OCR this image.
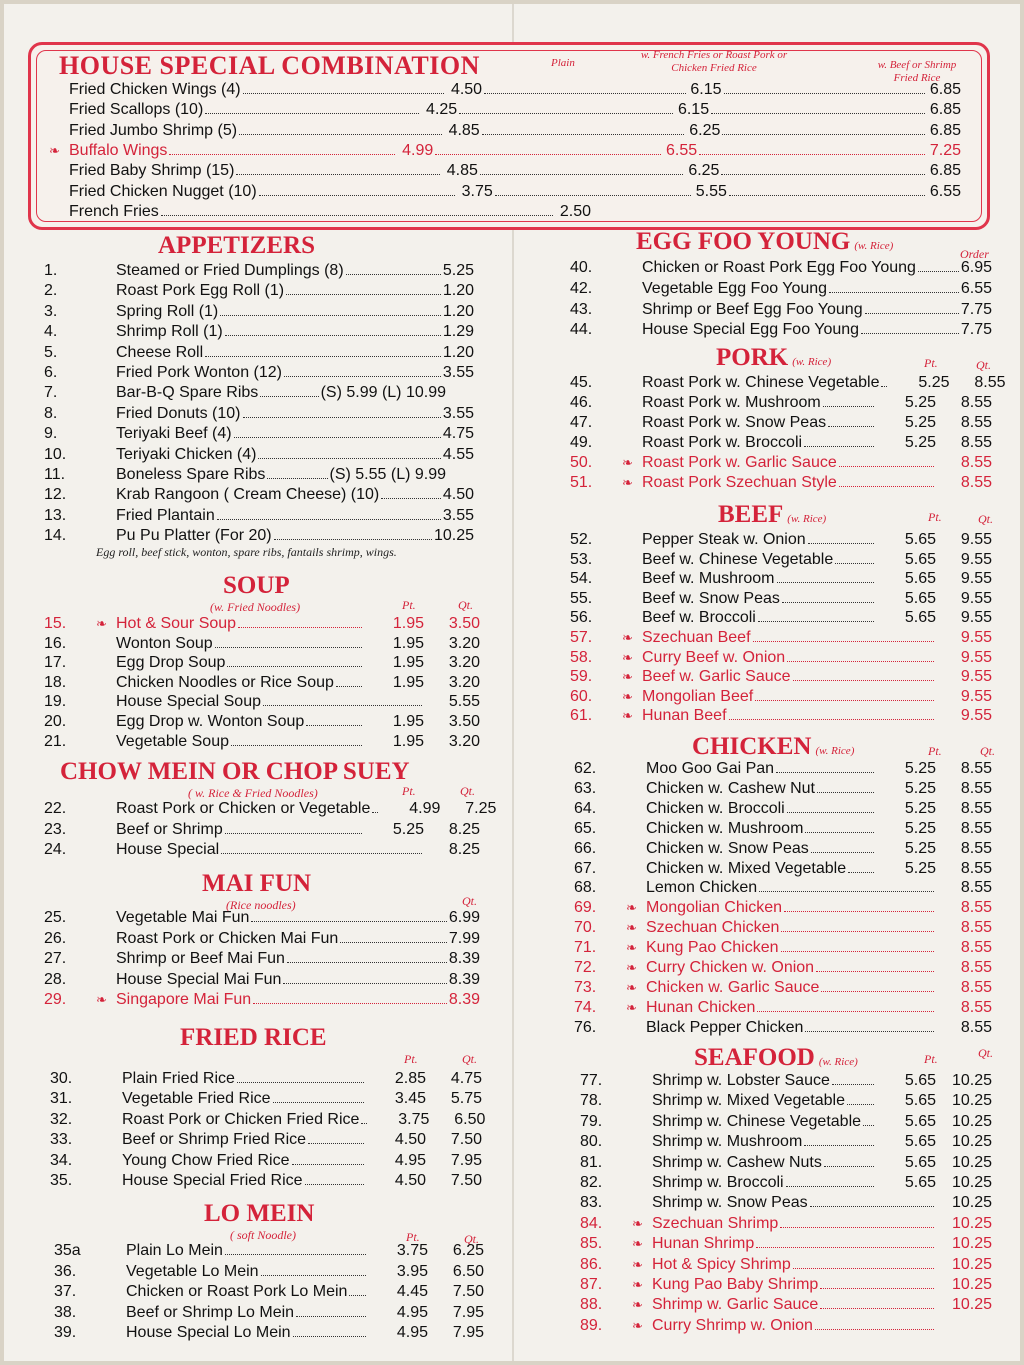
HOUSE SPECIAL COMBINATION	Plain
w. French Fries or Roast Pork or Chicken Fried Rice	w. Beef or Shrimp Fried Rice
Fried Chicken Wings (4)	4.50	6.15	6.85
Fried Scallops (10)	4.25	6.15	6.85
Fried Jumbo Shrimp (5)	4.85	6.25	6.85
❧ Buffalo Wings	4.99	6.55	7.25
Fried Baby Shrimp (15)	4.85	6.25	6.85
Fried Chicken Nugget (10)	3.75	5.55	6.55
French Fries	2.50
APPETIZERS
1.	Steamed or Fried Dumplings (8)	5.25
2.	Roast Pork Egg Roll (1)	1.20
3.	Spring Roll (1)	1.20
4.	Shrimp Roll (1)	1.29
5.	Cheese Roll	1.20
6.	Fried Pork Wonton (12)	3.55
7.	Bar-B-Q Spare Ribs	(S) 5.99 (L) 10.99
8.	Fried Donuts (10)	3.55
9.	Teriyaki Beef (4)	4.75
10.	Teriyaki Chicken (4)	4.55
11.	Boneless Spare Ribs	(S) 5.55 (L) 9.99
12.	Krab Rangoon ( Cream Cheese) (10)	4.50
13.	Fried Plantain	3.55
14.	Pu Pu Platter (For 20)	10.25
Egg roll, beef stick, wonton, spare ribs, fantails shrimp, wings.
SOUP
(w. Fried Noodles)	Pt.	Qt.
15.	❧ Hot & Sour Soup	1.95	3.50
16.	Wonton Soup	1.95	3.20
17.	Egg Drop Soup	1.95	3.20
18.	Chicken Noodles or Rice Soup	1.95	3.20
19.	House Special Soup	5.55
20.	Egg Drop w. Wonton Soup	1.95	3.50
21.	Vegetable Soup	1.95	3.20
CHOW MEIN OR CHOP SUEY
( w. Rice & Fried Noodles)	Pt.	Qt.
22.	Roast Pork or Chicken or Vegetable	4.99	7.25
23.	Beef or Shrimp	5.25	8.25
24.	House Special	8.25
MAI FUN
(Rice noodles)	Qt.
25.	Vegetable Mai Fun	6.99
26.	Roast Pork or Chicken Mai Fun	7.99
27.	Shrimp or Beef Mai Fun	8.39
28.	House Special Mai Fun	8.39
29.	❧ Singapore Mai Fun	8.39
FRIED RICE
Pt.	Qt.
30.	Plain Fried Rice	2.85	4.75
31.	Vegetable Fried Rice	3.45	5.75
32.	Roast Pork or Chicken Fried Rice	3.75	6.50
33.	Beef or Shrimp Fried Rice	4.50	7.50
34.	Young Chow Fried Rice	4.95	7.95
35.	House Special Fried Rice	4.50	7.50
LO MEIN
( soft Noodle)	Pt.	Qt.
35a	Plain Lo Mein	3.75	6.25
36.	Vegetable Lo Mein	3.95	6.50
37.	Chicken or Roast Pork Lo Mein	4.45	7.50
38.	Beef or Shrimp Lo Mein	4.95	7.95
39.	House Special Lo Mein	4.95	7.95
EGG FOO YOUNG (w. Rice)
Order
40.	Chicken or Roast Pork Egg Foo Young	6.95
42.	Vegetable Egg Foo Young	6.55
43.	Shrimp or Beef Egg Foo Young	7.75
44.	House Special Egg Foo Young	7.75
PORK (w. Rice)	Pt.	Qt.
45.	Roast Pork w. Chinese Vegetable	5.25	8.55
46.	Roast Pork w. Mushroom	5.25	8.55
47.	Roast Pork w. Snow Peas	5.25	8.55
49.	Roast Pork w. Broccoli	5.25	8.55
50.	❧ Roast Pork w. Garlic Sauce	8.55
51.	❧ Roast Pork Szechuan Style	8.55
BEEF (w. Rice)	Pt.	Qt.
52.	Pepper Steak w. Onion	5.65	9.55
53.	Beef w. Chinese Vegetable	5.65	9.55
54.	Beef w. Mushroom	5.65	9.55
55.	Beef w. Snow Peas	5.65	9.55
56.	Beef w. Broccoli	5.65	9.55
57.	❧ Szechuan Beef	9.55
58.	❧ Curry Beef w. Onion	9.55
59.	❧ Beef w. Garlic Sauce	9.55
60.	❧ Mongolian Beef	9.55
61.	❧ Hunan Beef	9.55
CHICKEN (w. Rice)	Pt.	Qt.
62.	Moo Goo Gai Pan	5.25	8.55
63.	Chicken w. Cashew Nut	5.25	8.55
64.	Chicken w. Broccoli	5.25	8.55
65.	Chicken w. Mushroom	5.25	8.55
66.	Chicken w. Snow Peas	5.25	8.55
67.	Chicken w. Mixed Vegetable	5.25	8.55
68.	Lemon Chicken	8.55
69.	❧ Mongolian Chicken	8.55
70.	❧ Szechuan Chicken	8.55
71.	❧ Kung Pao Chicken	8.55
72.	❧ Curry Chicken w. Onion	8.55
73.	❧ Chicken w. Garlic Sauce	8.55
74.	❧ Hunan Chicken	8.55
76.	Black Pepper Chicken	8.55
SEAFOOD (w. Rice)	Pt.	Qt.
77.	Shrimp w. Lobster Sauce	5.65 10.25
78.	Shrimp w. Mixed Vegetable	5.65 10.25
79.	Shrimp w. Chinese Vegetable	5.65 10.25
80.	Shrimp w. Mushroom	5.65 10.25
81.	Shrimp w. Cashew Nuts	5.65 10.25
82.	Shrimp w. Broccoli	5.65 10.25
83.	Shrimp w. Snow Peas	10.25
84.	❧ Szechuan Shrimp	10.25
85.	❧ Hunan Shrimp	10.25
86.	❧ Hot & Spicy Shrimp	10.25
87.	❧ Kung Pao Baby Shrimp	10.25
88.	❧ Shrimp w. Garlic Sauce	10.25
89.	❧ Curry Shrimp w. Onion
